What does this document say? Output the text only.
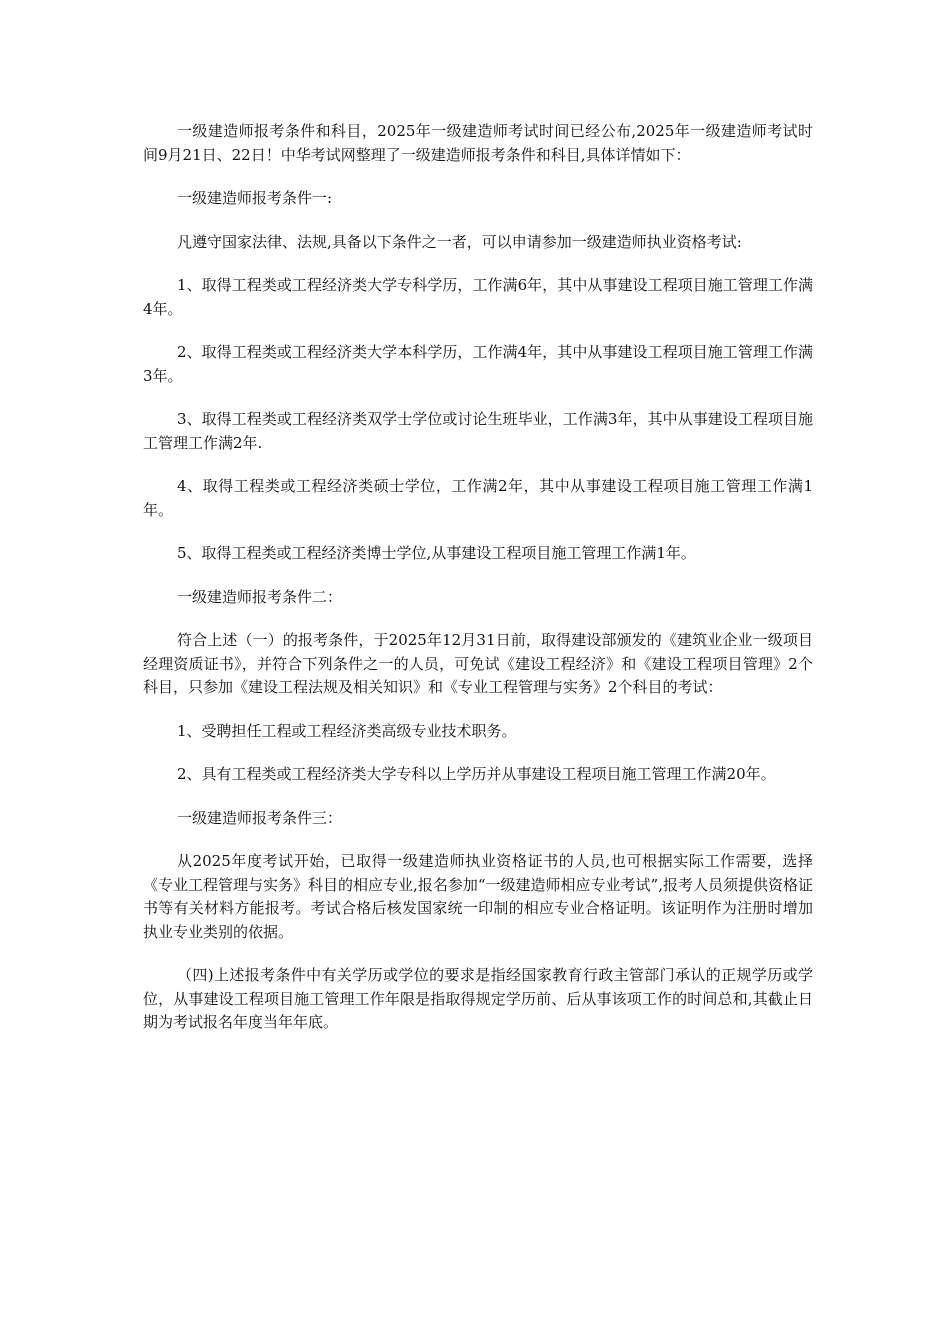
一级建造师报考条件和科目，2025年一级建造师考试时间已经公布,2025年一级建造师考试时间9月21日、22日！中华考试网整理了一级建造师报考条件和科目,具体详情如下：

一级建造师报考条件一:

凡遵守国家法律、法规,具备以下条件之一者，可以申请参加一级建造师执业资格考试:

1、取得工程类或工程经济类大学专科学历，工作满6年，其中从事建设工程项目施工管理工作满4年。

2、取得工程类或工程经济类大学本科学历，工作满4年，其中从事建设工程项目施工管理工作满3年。

3、取得工程类或工程经济类双学士学位或讨论生班毕业，工作满3年，其中从事建设工程项目施工管理工作满2年.

4、取得工程类或工程经济类硕士学位，工作满2年，其中从事建设工程项目施工管理工作满1年。

5、取得工程类或工程经济类博士学位,从事建设工程项目施工管理工作满1年。

一级建造师报考条件二：

符合上述（一）的报考条件，于2025年12月31日前，取得建设部颁发的《建筑业企业一级项目经理资质证书》，并符合下列条件之一的人员，可免试《建设工程经济》和《建设工程项目管理》2个科目，只参加《建设工程法规及相关知识》和《专业工程管理与实务》2个科目的考试：

1、受聘担任工程或工程经济类高级专业技术职务。

2、具有工程类或工程经济类大学专科以上学历并从事建设工程项目施工管理工作满20年。

一级建造师报考条件三：

从2025年度考试开始，已取得一级建造师执业资格证书的人员,也可根据实际工作需要，选择《专业工程管理与实务》科目的相应专业,报名参加“一级建造师相应专业考试”,报考人员须提供资格证书等有关材料方能报考。考试合格后核发国家统一印制的相应专业合格证明。该证明作为注册时增加执业专业类别的依据。

（四)上述报考条件中有关学历或学位的要求是指经国家教育行政主管部门承认的正规学历或学位，从事建设工程项目施工管理工作年限是指取得规定学历前、后从事该项工作的时间总和,其截止日期为考试报名年度当年年底。
